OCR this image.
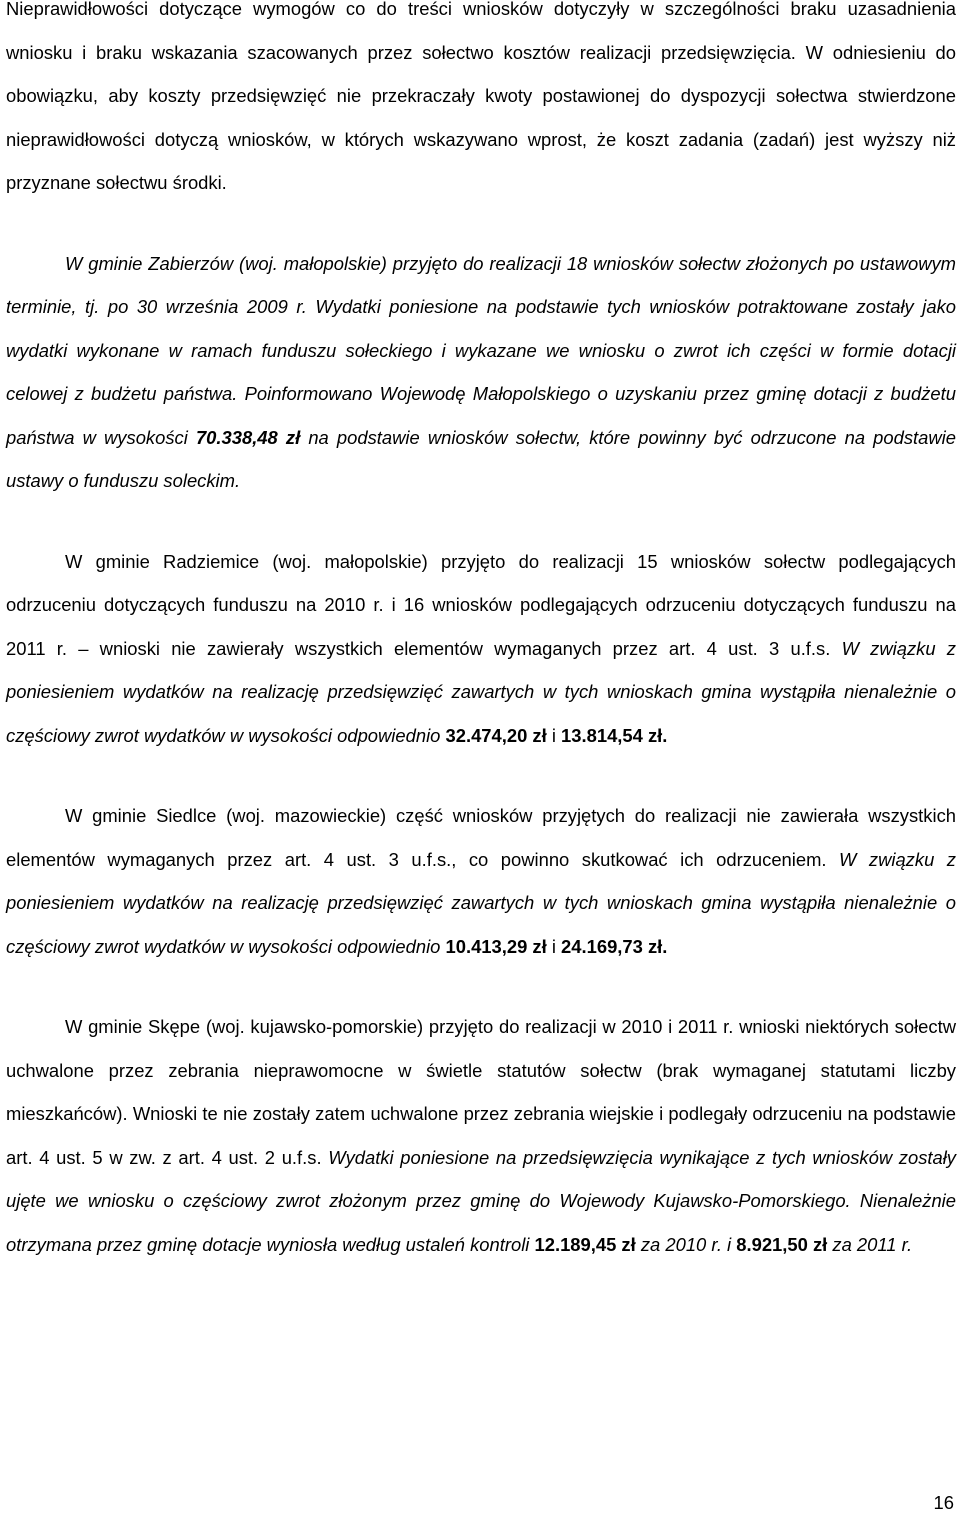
Nieprawidłowości dotyczące wymogów co do treści wniosków dotyczyły w szczególności braku uzasadnienia wniosku i braku wskazania szacowanych przez sołectwo kosztów realizacji przedsięwzięcia. W odniesieniu do obowiązku, aby koszty przedsięwzięć nie przekraczały kwoty postawionej do dyspozycji sołectwa stwierdzone nieprawidłowości dotyczą wniosków, w których wskazywano wprost, że koszt zadania (zadań) jest wyższy niż przyznane sołectwu środki.

W gminie Zabierzów (woj. małopolskie) przyjęto do realizacji 18 wniosków sołectw złożonych po ustawowym terminie, tj. po 30 września 2009 r. Wydatki poniesione na podstawie tych wniosków potraktowane zostały jako wydatki wykonane w ramach funduszu sołeckiego i wykazane we wniosku o zwrot ich części w formie dotacji celowej z budżetu państwa. Poinformowano Wojewodę Małopolskiego o uzyskaniu przez gminę dotacji z budżetu państwa w wysokości 70.338,48 zł na podstawie wniosków sołectw, które powinny być odrzucone na podstawie ustawy o funduszu soleckim.

W gminie Radziemice (woj. małopolskie) przyjęto do realizacji 15 wniosków sołectw podlegających odrzuceniu dotyczących funduszu na 2010 r. i 16 wniosków podlegających odrzuceniu dotyczących funduszu na 2011 r. – wnioski nie zawierały wszystkich elementów wymaganych przez art. 4 ust. 3 u.f.s. W związku z poniesieniem wydatków na realizację przedsięwzięć zawartych w tych wnioskach gmina wystąpiła nienależnie o częściowy zwrot wydatków w wysokości odpowiednio 32.474,20 zł i 13.814,54 zł.

W gminie Siedlce (woj. mazowieckie) część wniosków przyjętych do realizacji nie zawierała wszystkich elementów wymaganych przez art. 4 ust. 3 u.f.s., co powinno skutkować ich odrzuceniem. W związku z poniesieniem wydatków na realizację przedsięwzięć zawartych w tych wnioskach gmina wystąpiła nienależnie o częściowy zwrot wydatków w wysokości odpowiednio 10.413,29 zł i 24.169,73 zł.

W gminie Skępe (woj. kujawsko-pomorskie) przyjęto do realizacji w 2010 i 2011 r. wnioski niektórych sołectw uchwalone przez zebrania nieprawomocne w świetle statutów sołectw (brak wymaganej statutami liczby mieszkańców). Wnioski te nie zostały zatem uchwalone przez zebrania wiejskie i podlegały odrzuceniu na podstawie art. 4 ust. 5 w zw. z art. 4 ust. 2 u.f.s. Wydatki poniesione na przedsięwzięcia wynikające z tych wniosków zostały ujęte we wniosku o częściowy zwrot złożonym przez gminę do Wojewody Kujawsko-Pomorskiego. Nienależnie otrzymana przez gminę dotacje wyniosła według ustaleń kontroli 12.189,45 zł za 2010 r. i 8.921,50 zł za 2011 r.

16
